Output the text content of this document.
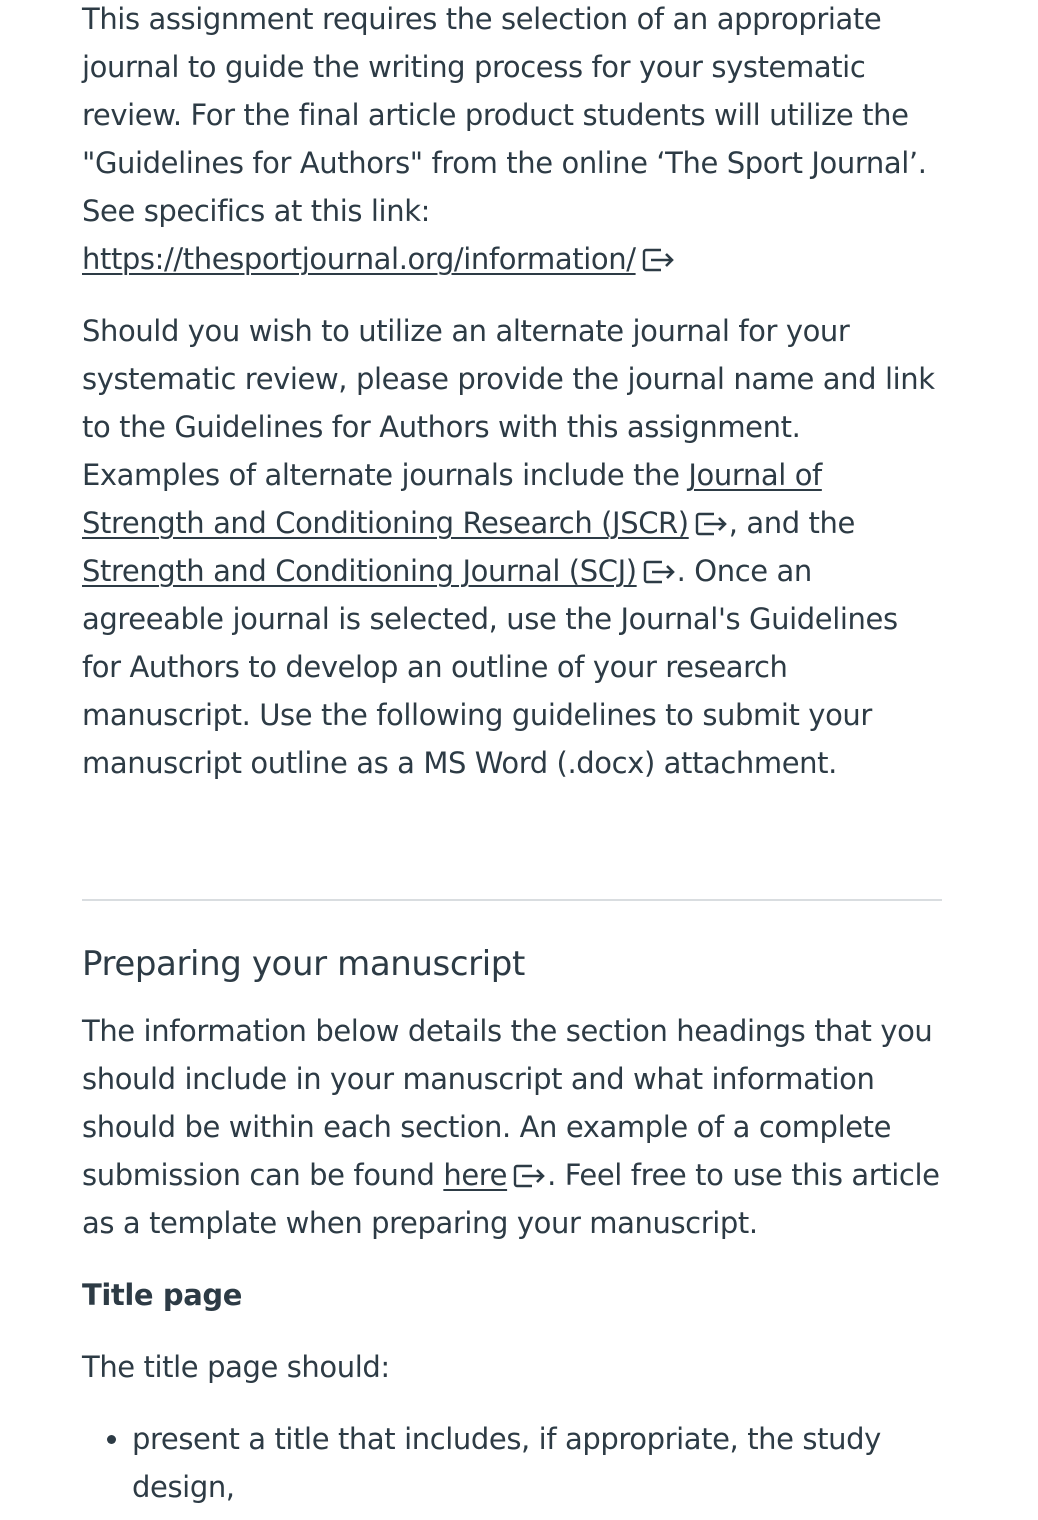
This assignment requires the selection of an appropriate journal to guide the writing process for your systematic review. For the final article product students will utilize the "Guidelines for Authors" from the online ‘The Sport Journal’. See specifics at this link: https://thesportjournal.org/information/

Should you wish to utilize an alternate journal for your systematic review, please provide the journal name and link to the Guidelines for Authors with this assignment. Examples of alternate journals include the Journal of Strength and Conditioning Research (JSCR) , and the Strength and Conditioning Journal (SCJ) . Once an agreeable journal is selected, use the Journal's Guidelines for Authors to develop an outline of your research manuscript. Use the following guidelines to submit your manuscript outline as a MS Word (.docx) attachment.

Preparing your manuscript

The information below details the section headings that you should include in your manuscript and what information should be within each section. An example of a complete submission can be found here . Feel free to use this article as a template when preparing your manuscript.

Title page

The title page should:

• present a title that includes, if appropriate, the study design,
